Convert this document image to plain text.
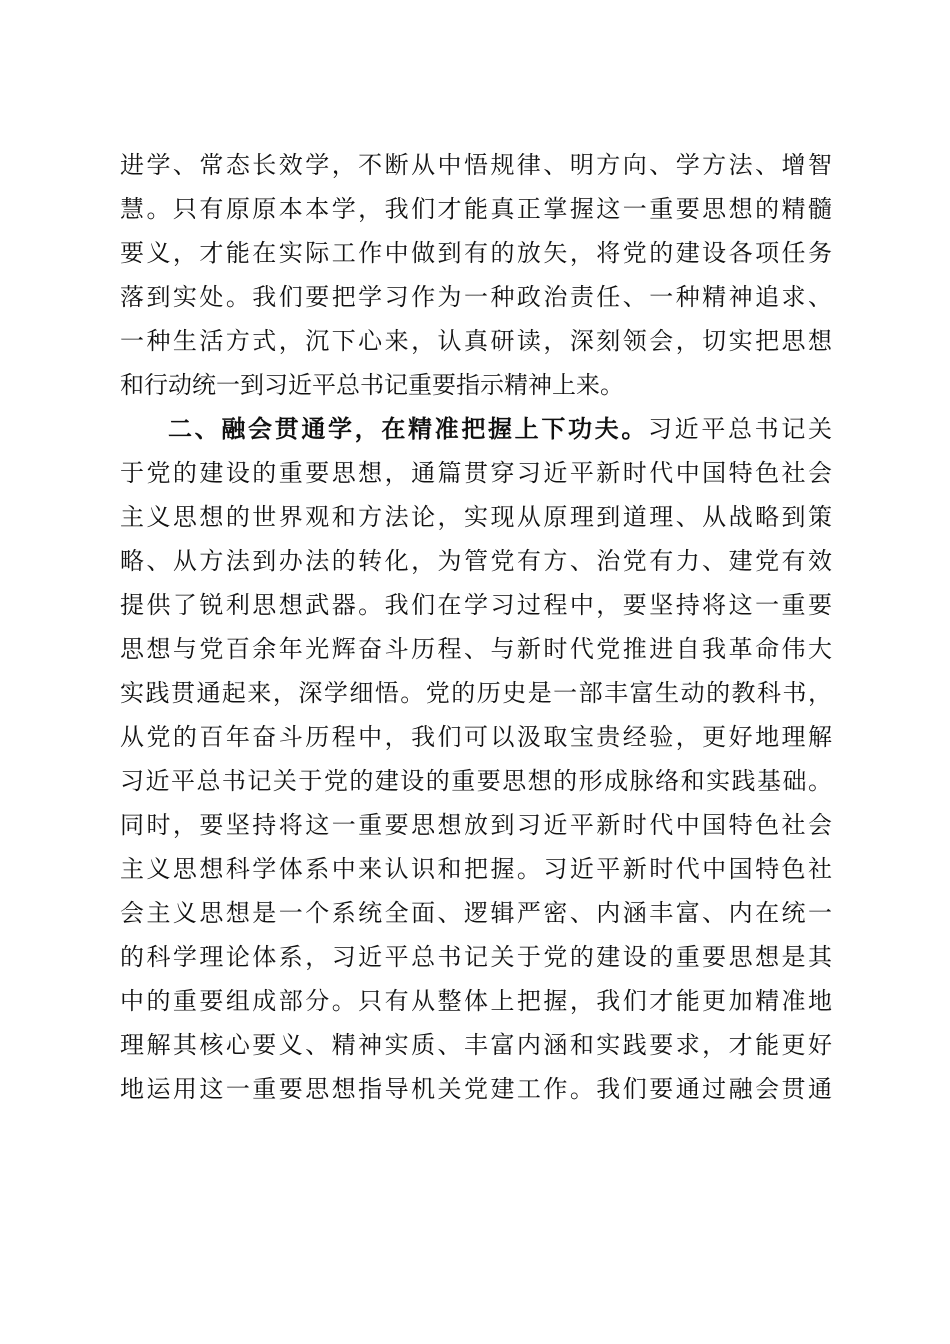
进学、常态长效学，不断从中悟规律、明方向、学方法、增智
慧。只有原原本本学，我们才能真正掌握这一重要思想的精髓
要义，才能在实际工作中做到有的放矢，将党的建设各项任务
落到实处。我们要把学习作为一种政治责任、一种精神追求、
一种生活方式，沉下心来，认真研读，深刻领会，切实把思想
和行动统一到习近平总书记重要指示精神上来。
二、融会贯通学，在精准把握上下功夫。习近平总书记关
于党的建设的重要思想，通篇贯穿习近平新时代中国特色社会
主义思想的世界观和方法论，实现从原理到道理、从战略到策
略、从方法到办法的转化，为管党有方、治党有力、建党有效
提供了锐利思想武器。我们在学习过程中，要坚持将这一重要
思想与党百余年光辉奋斗历程、与新时代党推进自我革命伟大
实践贯通起来，深学细悟。党的历史是一部丰富生动的教科书，
从党的百年奋斗历程中，我们可以汲取宝贵经验，更好地理解
习近平总书记关于党的建设的重要思想的形成脉络和实践基础。
同时，要坚持将这一重要思想放到习近平新时代中国特色社会
主义思想科学体系中来认识和把握。习近平新时代中国特色社
会主义思想是一个系统全面、逻辑严密、内涵丰富、内在统一
的科学理论体系，习近平总书记关于党的建设的重要思想是其
中的重要组成部分。只有从整体上把握，我们才能更加精准地
理解其核心要义、精神实质、丰富内涵和实践要求，才能更好
地运用这一重要思想指导机关党建工作。我们要通过融会贯通
